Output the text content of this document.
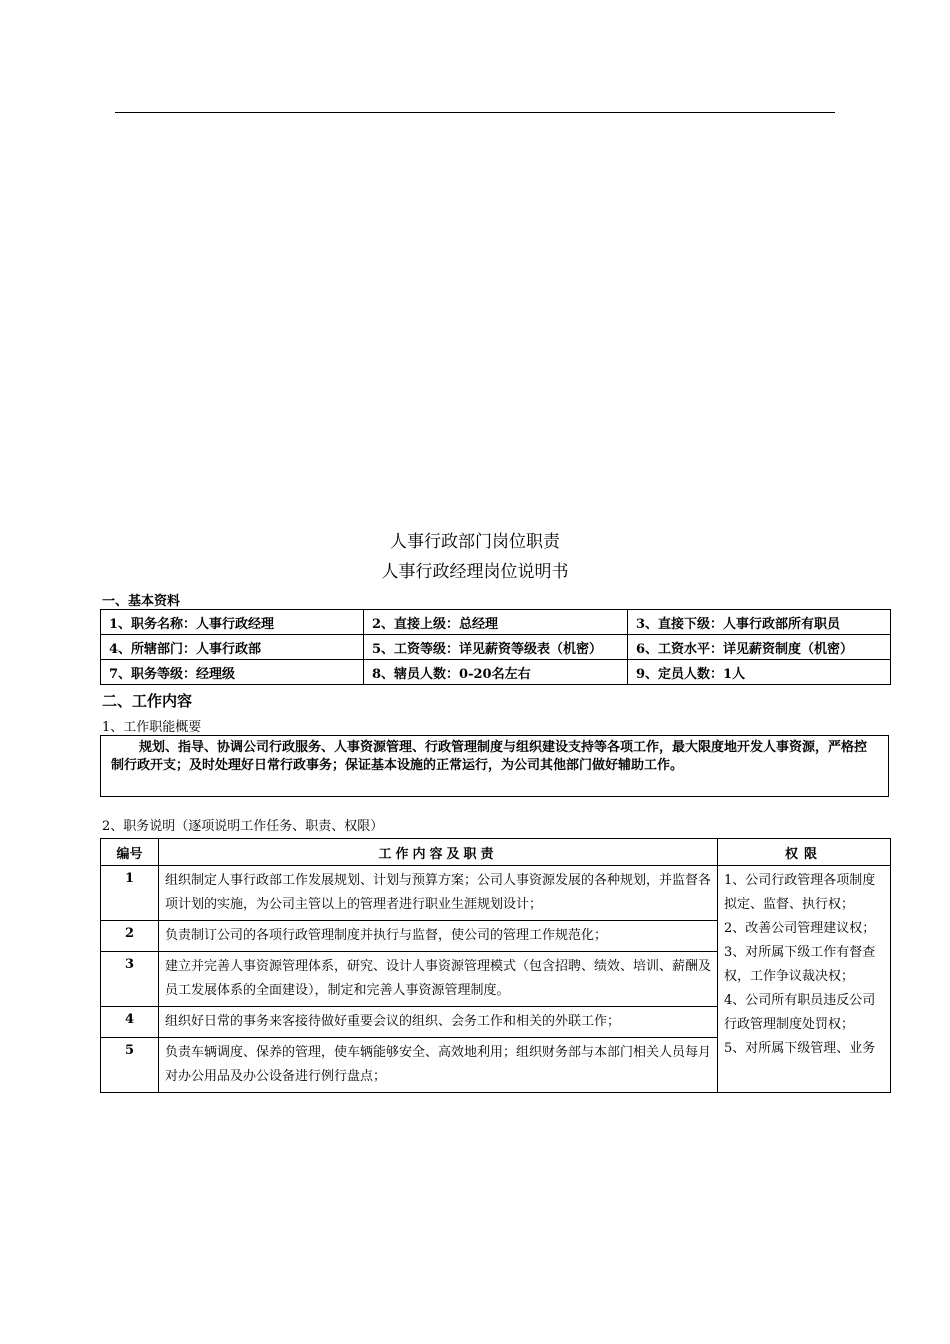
人事行政部门岗位职责
人事行政经理岗位说明书
一、基本资料
1、职务名称：人事行政经理	2、直接上级：总经理	3、直接下级：人事行政部所有职员
4、所辖部门：人事行政部	5、工资等级：详见薪资等级表（机密）	6、工资水平：详见薪资制度（机密）
7、职务等级：经理级	8、辖员人数：0-20名左右	9、定员人数：1人
二、工作内容
1、工作职能概要
规划、指导、协调公司行政服务、人事资源管理、行政管理制度与组织建设支持等各项工作，最大限度地开发人事资源，严格控制行政开支；及时处理好日常行政事务；保证基本设施的正常运行，为公司其他部门做好辅助工作。
2、职务说明（逐项说明工作任务、职责、权限）
编号	工作内容及职责	权限
1	组织制定人事行政部工作发展规划、计划与预算方案；公司人事资源发展的各种规划，并监督各项计划的实施，为公司主管以上的管理者进行职业生涯规划设计；	1、公司行政管理各项制度拟定、监督、执行权；
2、改善公司管理建议权；
3、对所属下级工作有督查权，工作争议裁决权；
4、公司所有职员违反公司行政管理制度处罚权；
5、对所属下级管理、业务

2	负责制订公司的各项行政管理制度并执行与监督，使公司的管理工作规范化；	
3	建立并完善人事资源管理体系，研究、设计人事资源管理模式（包含招聘、绩效、培训、薪酬及员工发展体系的全面建设），制定和完善人事资源管理制度。	
4	组织好日常的事务来客接待做好重要会议的组织、会务工作和相关的外联工作；	
5	负责车辆调度、保养的管理，使车辆能够安全、高效地利用；组织财务部与本部门相关人员每月对办公用品及办公设备进行例行盘点；	
